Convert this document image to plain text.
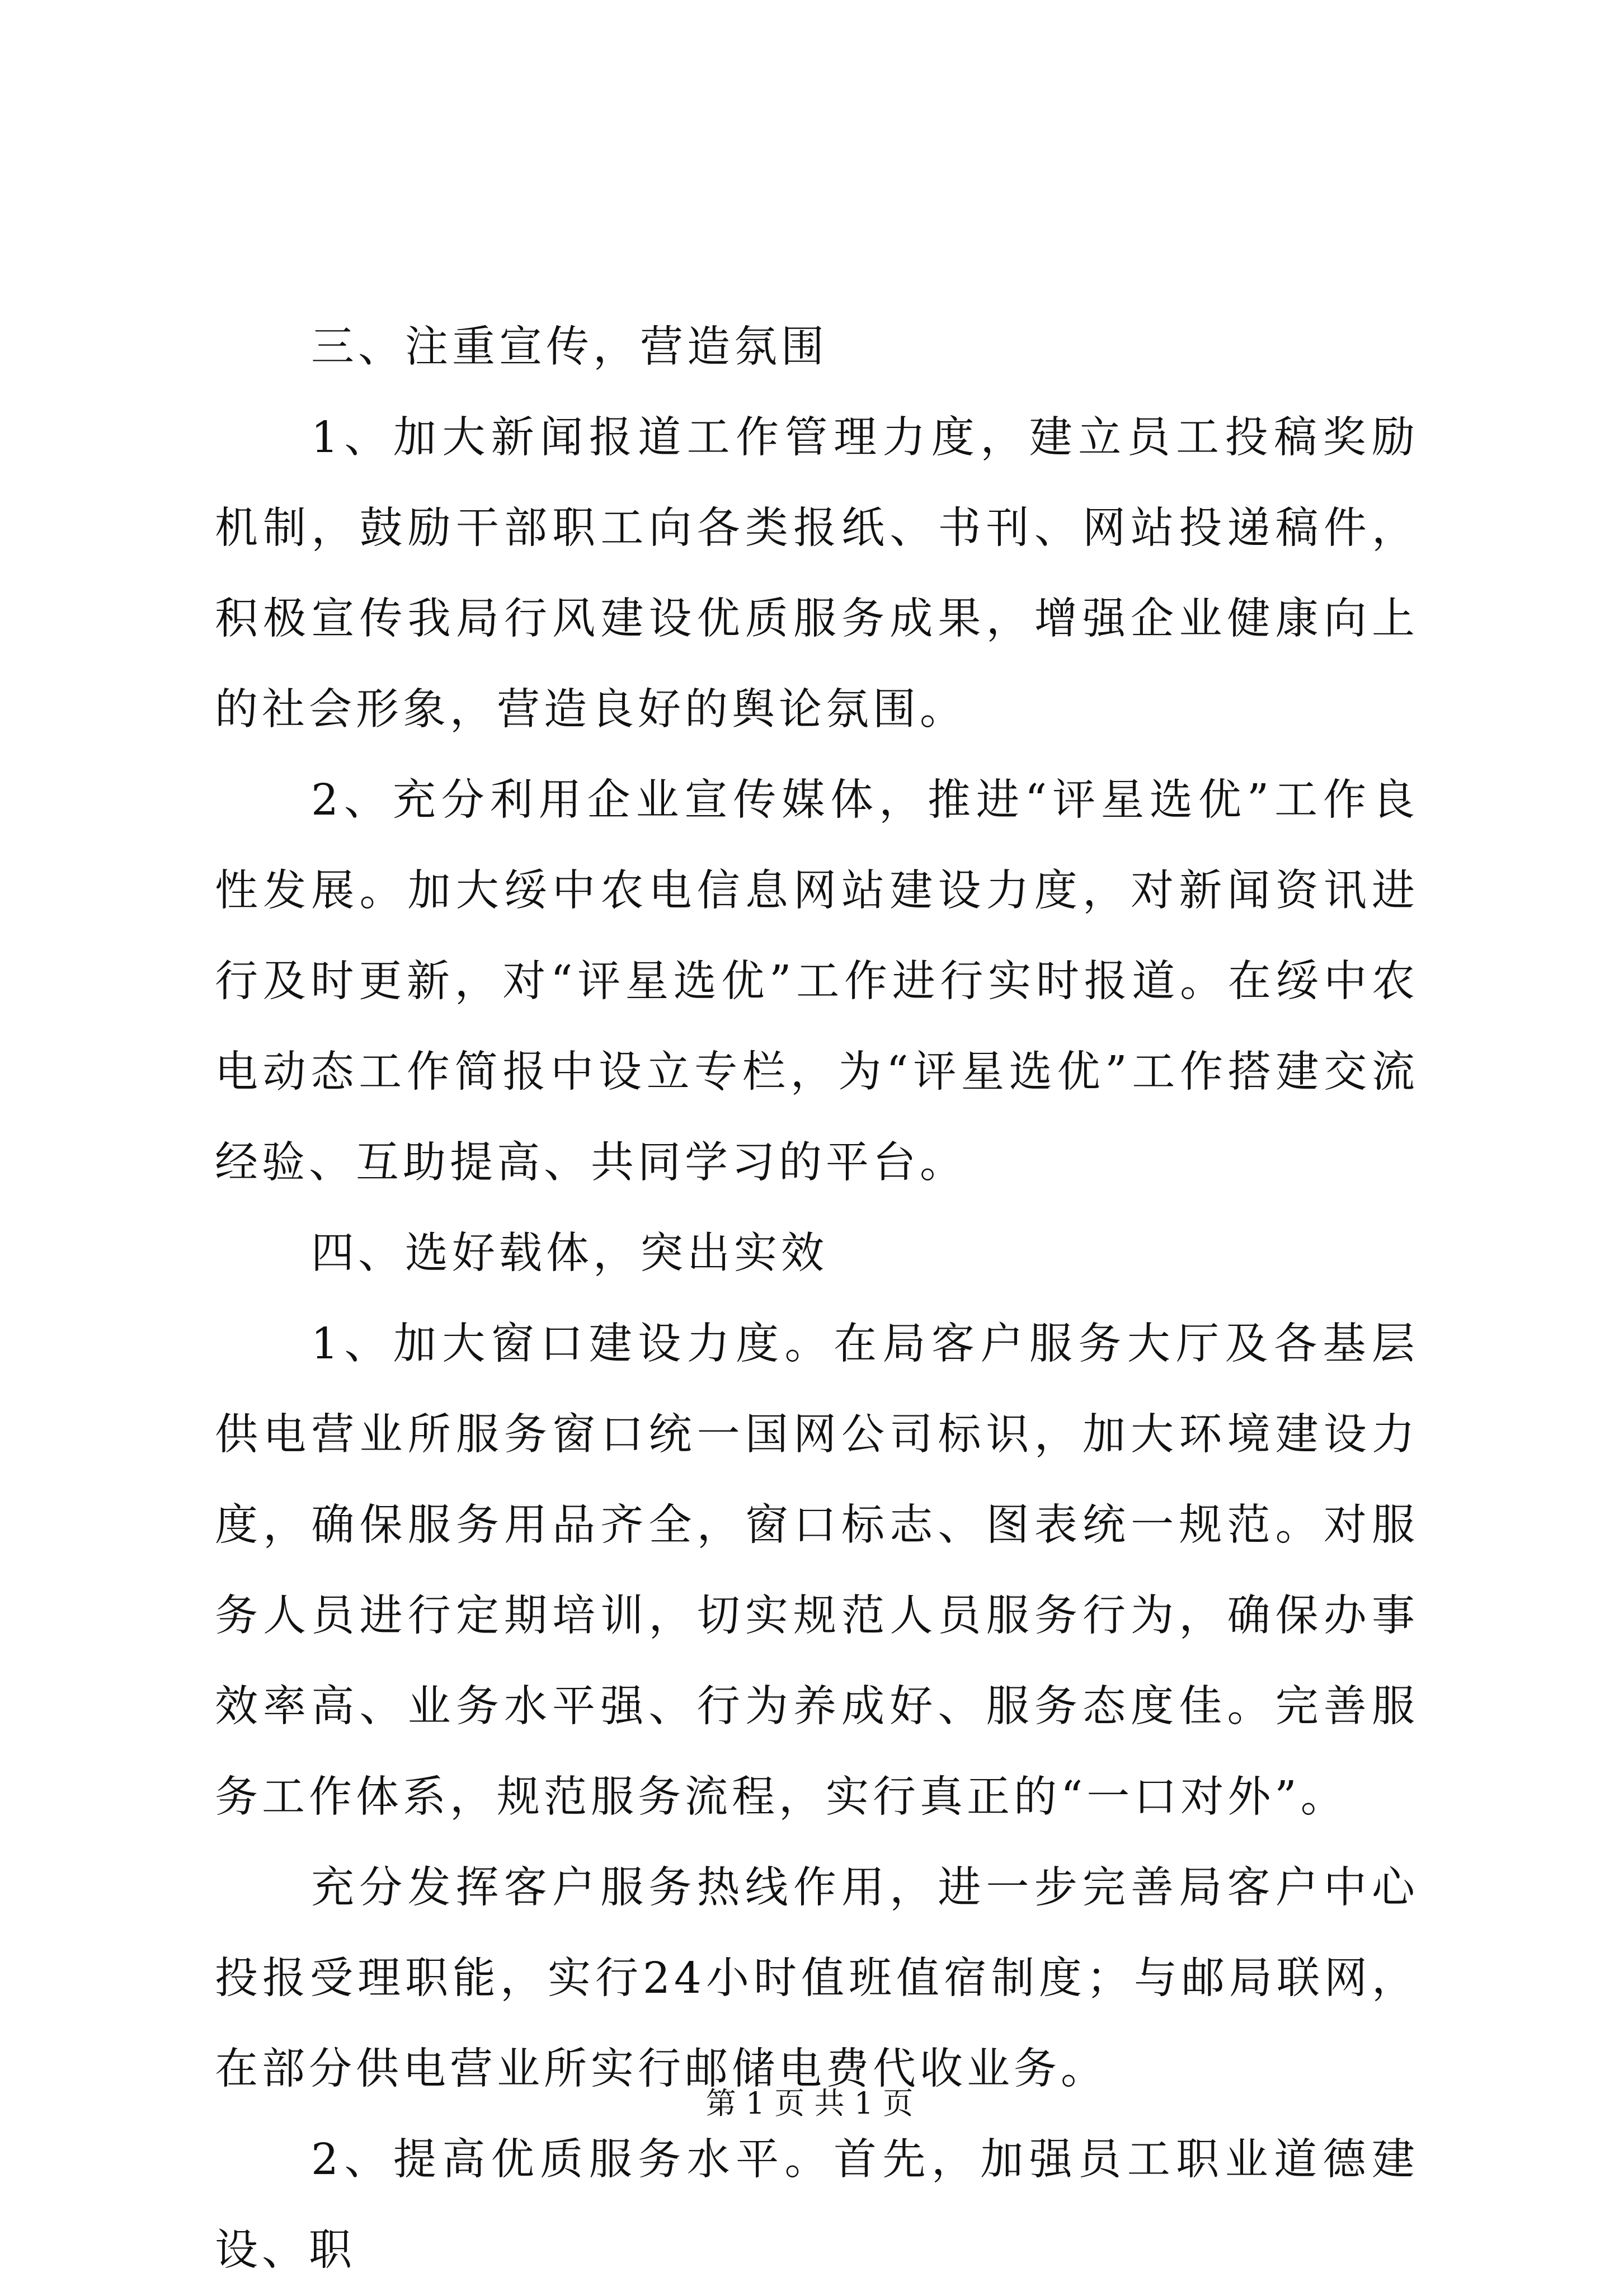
三、注重宣传，营造氛围

1、加大新闻报道工作管理力度，建立员工投稿奖励机制，鼓励干部职工向各类报纸、书刊、网站投递稿件，积极宣传我局行风建设优质服务成果，增强企业健康向上的社会形象，营造良好的舆论氛围。

2、充分利用企业宣传媒体，推进“评星选优”工作良性发展。加大绥中农电信息网站建设力度，对新闻资讯进行及时更新，对“评星选优”工作进行实时报道。在绥中农电动态工作简报中设立专栏，为“评星选优”工作搭建交流经验、互助提高、共同学习的平台。

四、选好载体，突出实效

1、加大窗口建设力度。在局客户服务大厅及各基层供电营业所服务窗口统一国网公司标识，加大环境建设力度，确保服务用品齐全，窗口标志、图表统一规范。对服务人员进行定期培训，切实规范人员服务行为，确保办事效率高、业务水平强、行为养成好、服务态度佳。完善服务工作体系，规范服务流程，实行真正的“一口对外”。

充分发挥客户服务热线作用，进一步完善局客户中心投报受理职能，实行24小时值班值宿制度；与邮局联网，在部分供电营业所实行邮储电费代收业务。

2、提高优质服务水平。首先，加强员工职业道德建设、职

第 1 页 共 1 页
